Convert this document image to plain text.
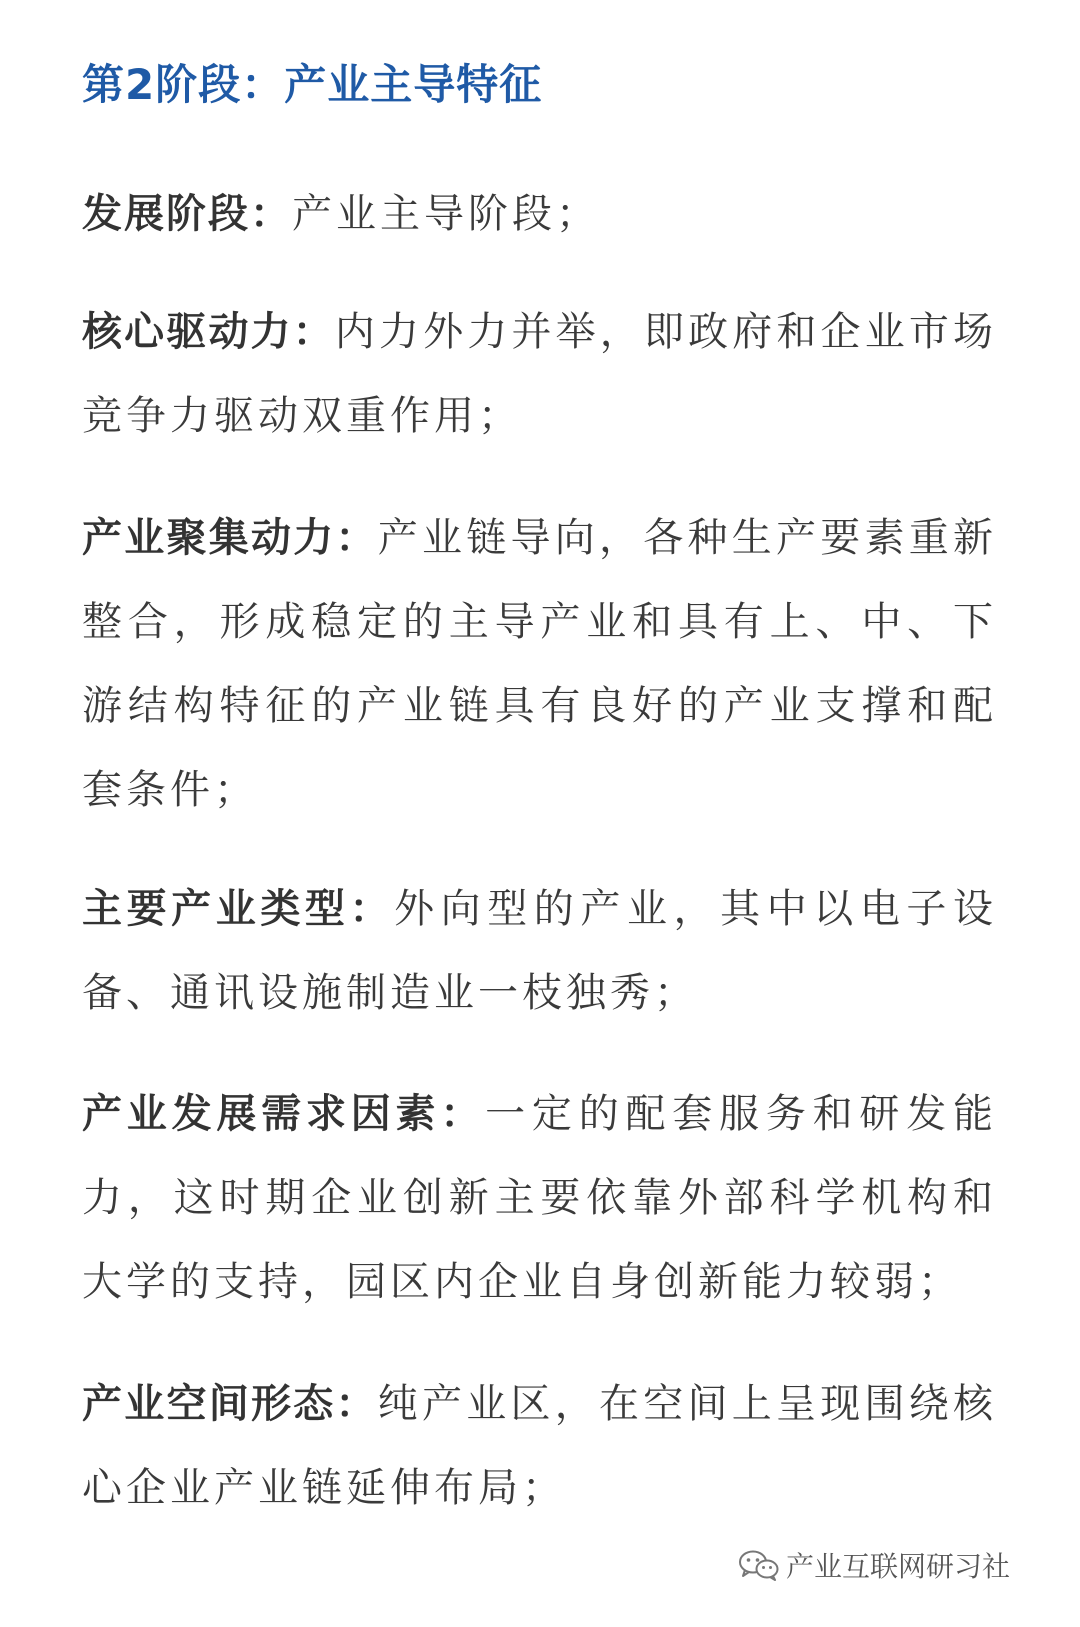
第2阶段：产业主导特征
发展阶段：产业主导阶段；
核心驱动力：内力外力并举，即政府和企业市场竞争力驱动双重作用；
产业聚集动力：产业链导向，各种生产要素重新整合，形成稳定的主导产业和具有上、中、下游结构特征的产业链具有良好的产业支撑和配套条件；
主要产业类型：外向型的产业，其中以电子设备、通讯设施制造业一枝独秀；
产业发展需求因素：一定的配套服务和研发能力，这时期企业创新主要依靠外部科学机构和大学的支持，园区内企业自身创新能力较弱；
产业空间形态：纯产业区，在空间上呈现围绕核心企业产业链延伸布局；
产业互联网研习社
